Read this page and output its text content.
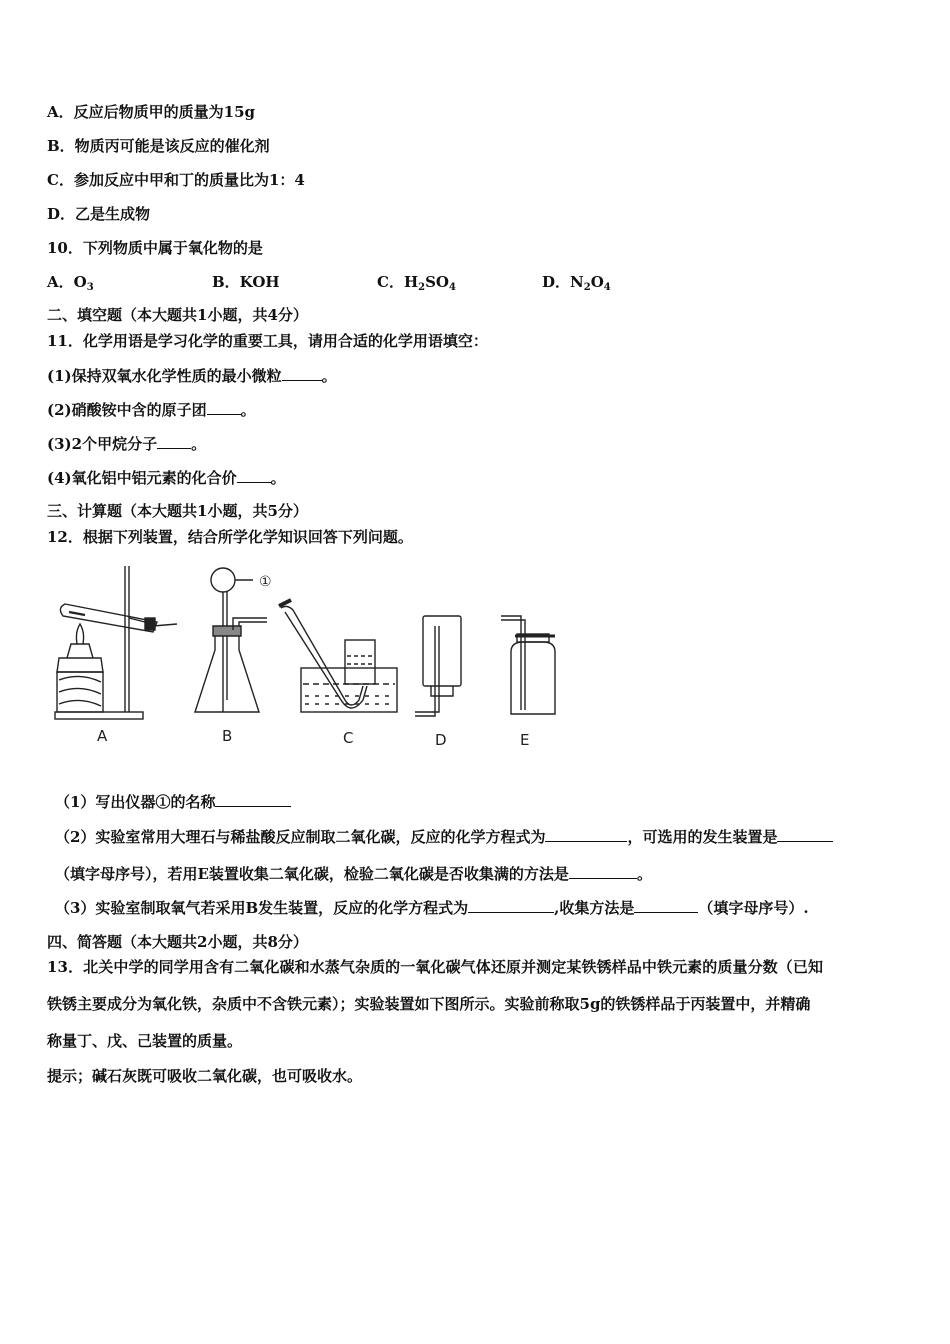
A．反应后物质甲的质量为15g
B．物质丙可能是该反应的催化剂
C．参加反应中甲和丁的质量比为1：4
D．乙是生成物
10．下列物质中属于氧化物的是
A．$O_3$	B．KOH	C．$H_2SO_4$	D．$N_2O_4$
二、填空题（本大题共1小题，共4分）
11．化学用语是学习化学的重要工具，请用合适的化学用语填空：
(1)保持双氧水化学性质的最小微粒	。
(2)硝酸铵中含的原子团 。
(3)2个甲烷分子 。
(4)氧化铝中铝元素的化合价 。
三、计算题（本大题共1小题，共5分）
12．根据下列装置，结合所学化学知识回答下列问题。
①
A	B	C	D	E
（1）写出仪器①的名称
（2）实验室常用大理石与稀盐酸反应制取二氧化碳，反应的化学方程式为	，可选用的发生装置是
（填字母序号），若用E装置收集二氧化碳，检验二氧化碳是否收集满的方法是	。
（3）实验室制取氧气若采用B发生装置，反应的化学方程式为	,收集方法是	（填字母序号）.
四、简答题（本大题共2小题，共8分）
13．北关中学的同学用含有二氧化碳和水蒸气杂质的一氧化碳气体还原并测定某铁锈样品中铁元素的质量分数（已知
铁锈主要成分为氧化铁，杂质中不含铁元素）；实验装置如下图所示。实验前称取5g的铁锈样品于丙装置中，并精确
称量丁、戊、己装置的质量。
提示；碱石灰既可吸收二氧化碳，也可吸收水。
